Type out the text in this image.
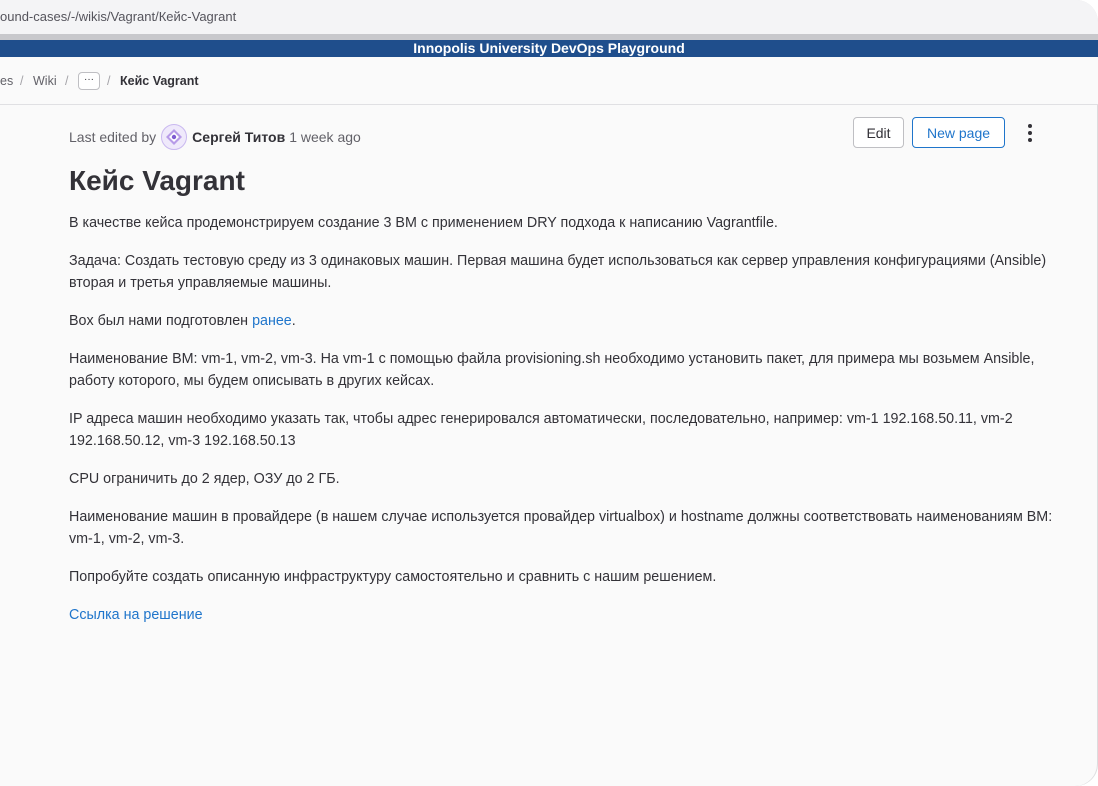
ound-cases/-/wikis/Vagrant/Кейс-Vagrant
Innopolis University DevOps Playground
es / Wiki /	···	/ Кейс Vagrant
Last edited by	Сергей Титов 1 week ago	Edit	New page
Кейс Vagrant

В качестве кейса продемонстрируем создание 3 ВМ с применением DRY подхода к написанию Vagrantfile.

Задача: Создать тестовую среду из 3 одинаковых машин. Первая машина будет использоваться как сервер управления конфигурациями (Ansible) вторая и третья управляемые машины.

Box был нами подготовлен ранее.

Наименование ВМ: vm-1, vm-2, vm-3. На vm-1 с помощью файла provisioning.sh необходимо установить пакет, для примера мы возьмем Ansible, работу которого, мы будем описывать в других кейсах.

IP адреса машин необходимо указать так, чтобы адрес генерировался автоматически, последовательно, например: vm-1 192.168.50.11, vm-2 192.168.50.12, vm-3 192.168.50.13

CPU ограничить до 2 ядер, ОЗУ до 2 ГБ.

Наименование машин в провайдере (в нашем случае используется провайдер virtualbox) и hostname должны соответствовать наименованиям ВМ: vm-1, vm-2, vm-3.

Попробуйте создать описанную инфраструктуру самостоятельно и сравнить с нашим решением.

Ссылка на решение
